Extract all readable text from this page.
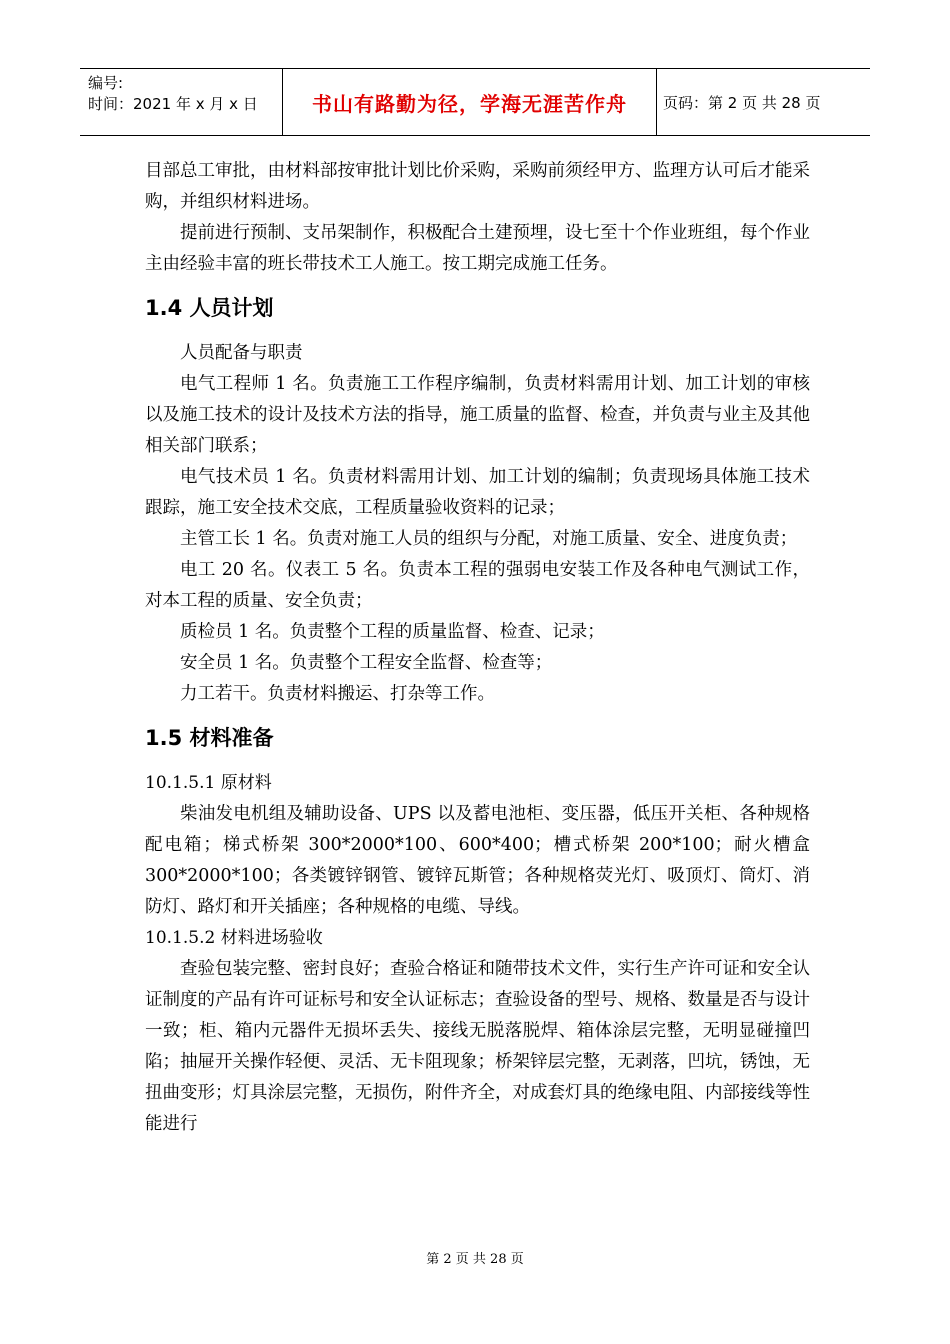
编号:
时间：2021 年 x 月 x 日	书山有路勤为径，学海无涯苦作舟	页码：第 2 页 共 28 页

目部总工审批，由材料部按审批计划比价采购，采购前须经甲方、监理方认可后才能采购，并组织材料进场。

提前进行预制、支吊架制作，积极配合土建预埋，设七至十个作业班组，每个作业主由经验丰富的班长带技术工人施工。按工期完成施工任务。

1.4 人员计划

人员配备与职责

电气工程师 1 名。负责施工工作程序编制，负责材料需用计划、加工计划的审核以及施工技术的设计及技术方法的指导，施工质量的监督、检查，并负责与业主及其他相关部门联系；

电气技术员 1 名。负责材料需用计划、加工计划的编制；负责现场具体施工技术跟踪，施工安全技术交底，工程质量验收资料的记录；

主管工长 1 名。负责对施工人员的组织与分配，对施工质量、安全、进度负责；

电工 20 名。仪表工 5 名。负责本工程的强弱电安装工作及各种电气测试工作，对本工程的质量、安全负责；

质检员 1 名。负责整个工程的质量监督、检查、记录；

安全员 1 名。负责整个工程安全监督、检查等；

力工若干。负责材料搬运、打杂等工作。

1.5 材料准备

10.1.5.1 原材料

柴油发电机组及辅助设备、UPS 以及蓄电池柜、变压器，低压开关柜、各种规格配电箱；梯式桥架 300*2000*100、600*400；槽式桥架 200*100；耐火槽盒 300*2000*100；各类镀锌钢管、镀锌瓦斯管；各种规格荧光灯、吸顶灯、筒灯、消防灯、路灯和开关插座；各种规格的电缆、导线。

10.1.5.2 材料进场验收

查验包装完整、密封良好；查验合格证和随带技术文件，实行生产许可证和安全认证制度的产品有许可证标号和安全认证标志；查验设备的型号、规格、数量是否与设计一致；柜、箱内元器件无损坏丢失、接线无脱落脱焊、箱体涂层完整，无明显碰撞凹陷；抽屉开关操作轻便、灵活、无卡阻现象；桥架锌层完整，无剥落，凹坑，锈蚀，无扭曲变形；灯具涂层完整，无损伤，附件齐全，对成套灯具的绝缘电阻、内部接线等性能进行

第 2 页 共 28 页
